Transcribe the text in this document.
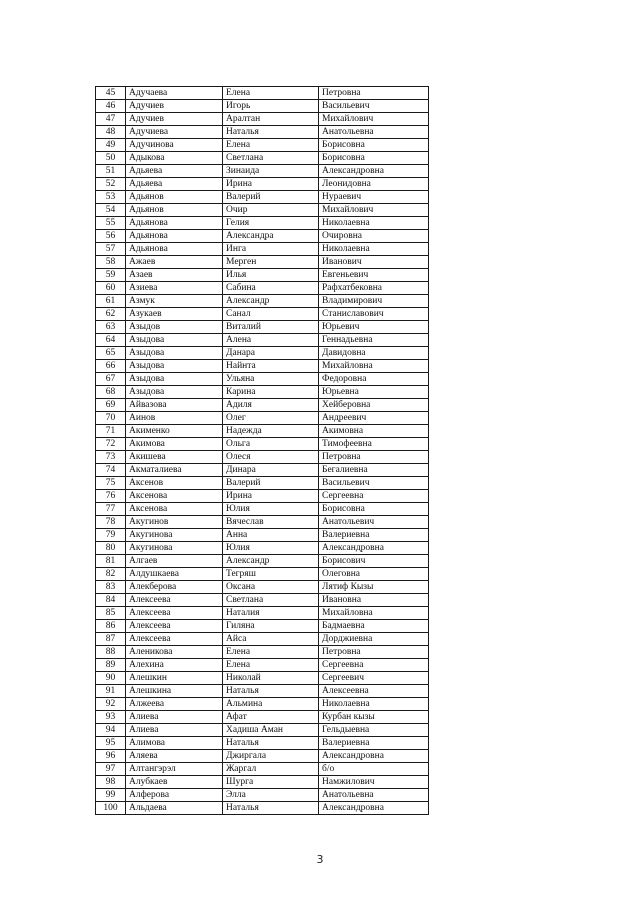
45	Адучаева	Елена	Петровна
46	Адучиев	Игорь	Васильевич
47	Адучиев	Аралтан	Михайлович
48	Адучиева	Наталья	Анатольевна
49	Адучинова	Елена	Борисовна
50	Адыкова	Светлана	Борисовна
51	Адьяева	Зинаида	Александровна
52	Адьяева	Ирина	Леонидовна
53	Адьянов	Валерий	Нураевич
54	Адьянов	Очир	Михайлович
55	Адьянова	Гелия	Николаевна
56	Адьянова	Александра	Очировна
57	Адьянова	Инга	Николаевна
58	Ажаев	Мерген	Иванович
59	Азаев	Илья	Евгеньевич
60	Азиева	Сабина	Рафхатбековна
61	Азмук	Александр	Владимирович
62	Азукаев	Санал	Станиславович
63	Азыдов	Виталий	Юрьевич
64	Азыдова	Алена	Геннадьевна
65	Азыдова	Данара	Давидовна
66	Азыдова	Найнта	Михайловна
67	Азыдова	Ульяна	Федоровна
68	Азыдова	Карина	Юрьевна
69	Айвазова	Адиля	Хейберовна
70	Аинов	Олег	Андреевич
71	Акименко	Надежда	Акимовна
72	Акимова	Ольга	Тимофеевна
73	Акишева	Олеся	Петровна
74	Акматалиева	Динара	Бегалиевна
75	Аксенов	Валерий	Васильевич
76	Аксенова	Ирина	Сергеевна
77	Аксенова	Юлия	Борисовна
78	Акугинов	Вячеслав	Анатольевич
79	Акугинова	Анна	Валериевна
80	Акугинова	Юлия	Александровна
81	Алгаев	Александр	Борисович
82	Алдушкаева	Тегряш	Олеговна
83	Алекберова	Оксана	Лятиф Кызы
84	Алексеева	Светлана	Ивановна
85	Алексеева	Наталия	Михайловна
86	Алексеева	Гиляна	Бадмаевна
87	Алексеева	Айса	Дорджиевна
88	Аленикова	Елена	Петровна
89	Алехина	Елена	Сергеевна
90	Алешкин	Николай	Сергеевич
91	Алешкина	Наталья	Алексеевна
92	Алжеева	Альмина	Николаевна
93	Алиева	Афат	Курбан кызы
94	Алиева	Хадиша Аман	Гельдыевна
95	Алимова	Наталья	Валериевна
96	Аляева	Джиргала	Александровна
97	Алтангэрэл	Жаргал	б/о
98	Алубкаев	Шурга	Намжилович
99	Алферова	Элла	Анатольевна
100	Альдаева	Наталья	Александровна
3
